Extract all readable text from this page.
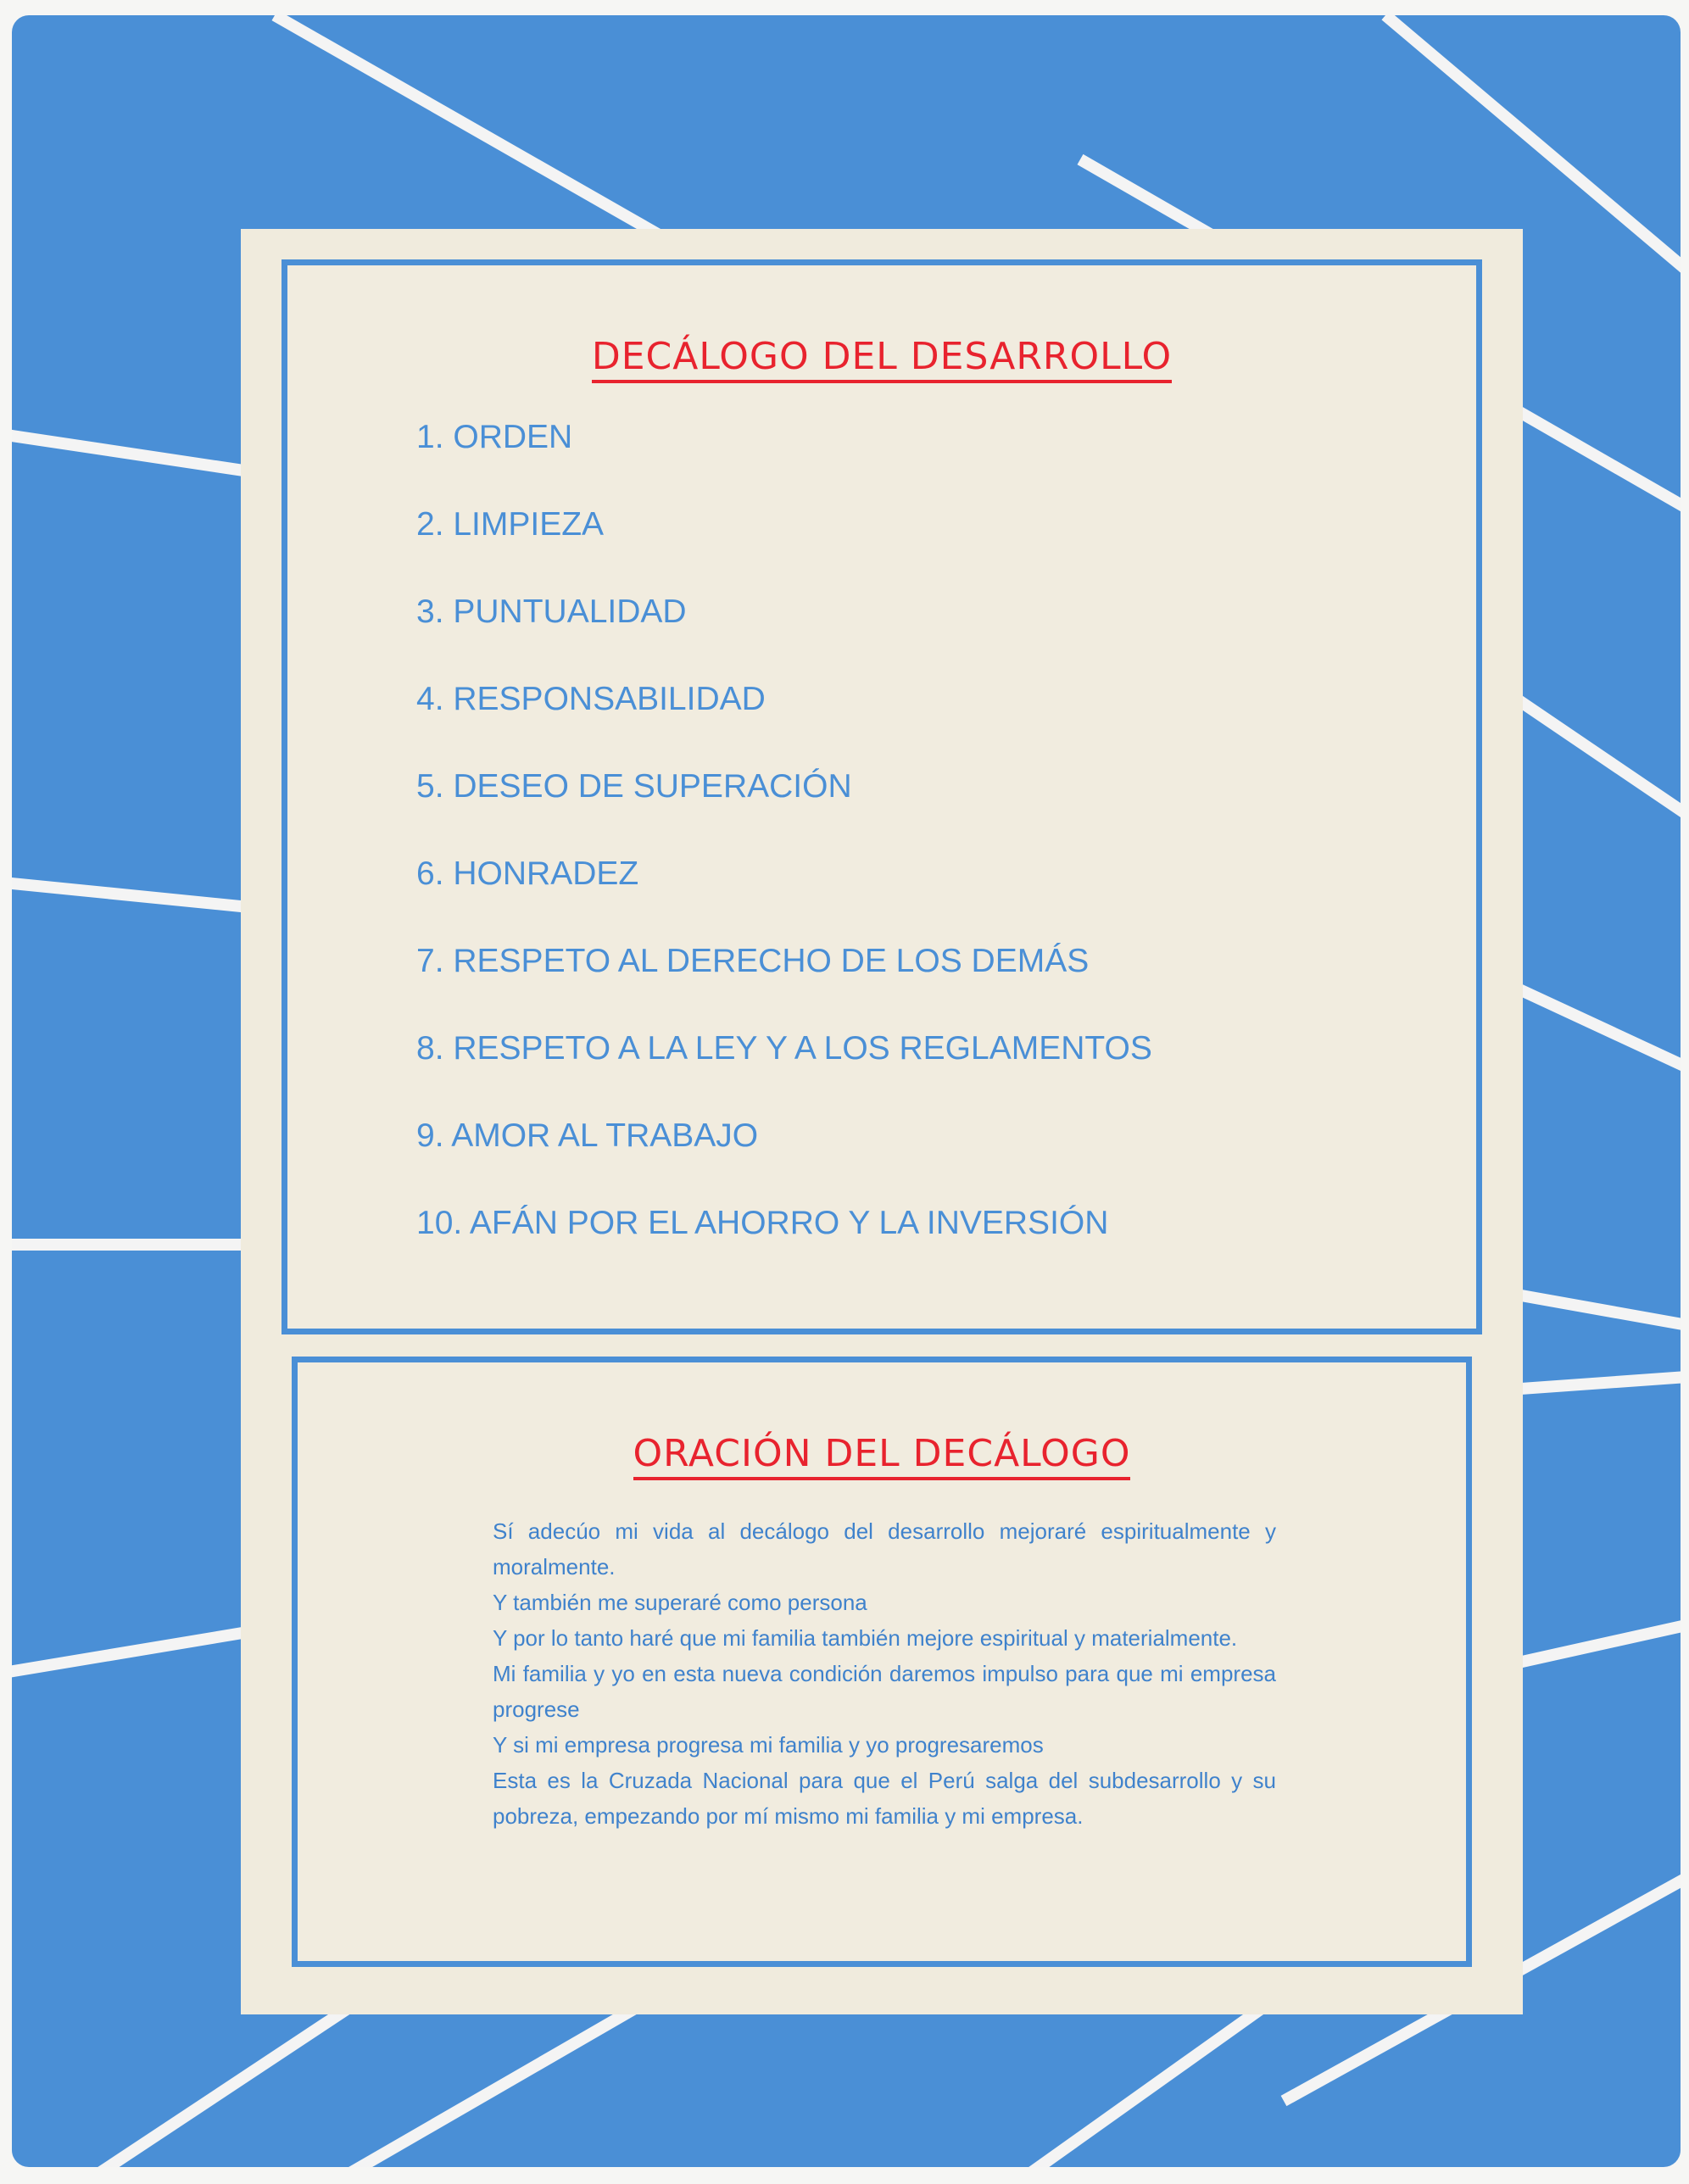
DECÁLOGO DEL DESARROLLO
1. ORDEN
2. LIMPIEZA
3. PUNTUALIDAD
4. RESPONSABILIDAD
5. DESEO DE SUPERACIÓN
6. HONRADEZ
7. RESPETO AL DERECHO DE LOS DEMÁS
8. RESPETO A LA LEY Y A LOS REGLAMENTOS
9. AMOR AL TRABAJO
10. AFÁN POR EL AHORRO Y LA INVERSIÓN
ORACIÓN DEL DECÁLOGO
Sí adecúo mi vida al decálogo del desarrollo mejoraré espiritualmente y moralmente.
Y también me superaré como persona
Y por lo tanto haré que mi familia también mejore espiritual y materialmente.
Mi familia y yo en esta nueva condición daremos impulso para que mi empresa progrese
Y si mi empresa progresa mi familia y yo progresaremos
Esta es la Cruzada Nacional para que el Perú salga del subdesarrollo y su pobreza, empezando por mí mismo mi familia y mi empresa.
